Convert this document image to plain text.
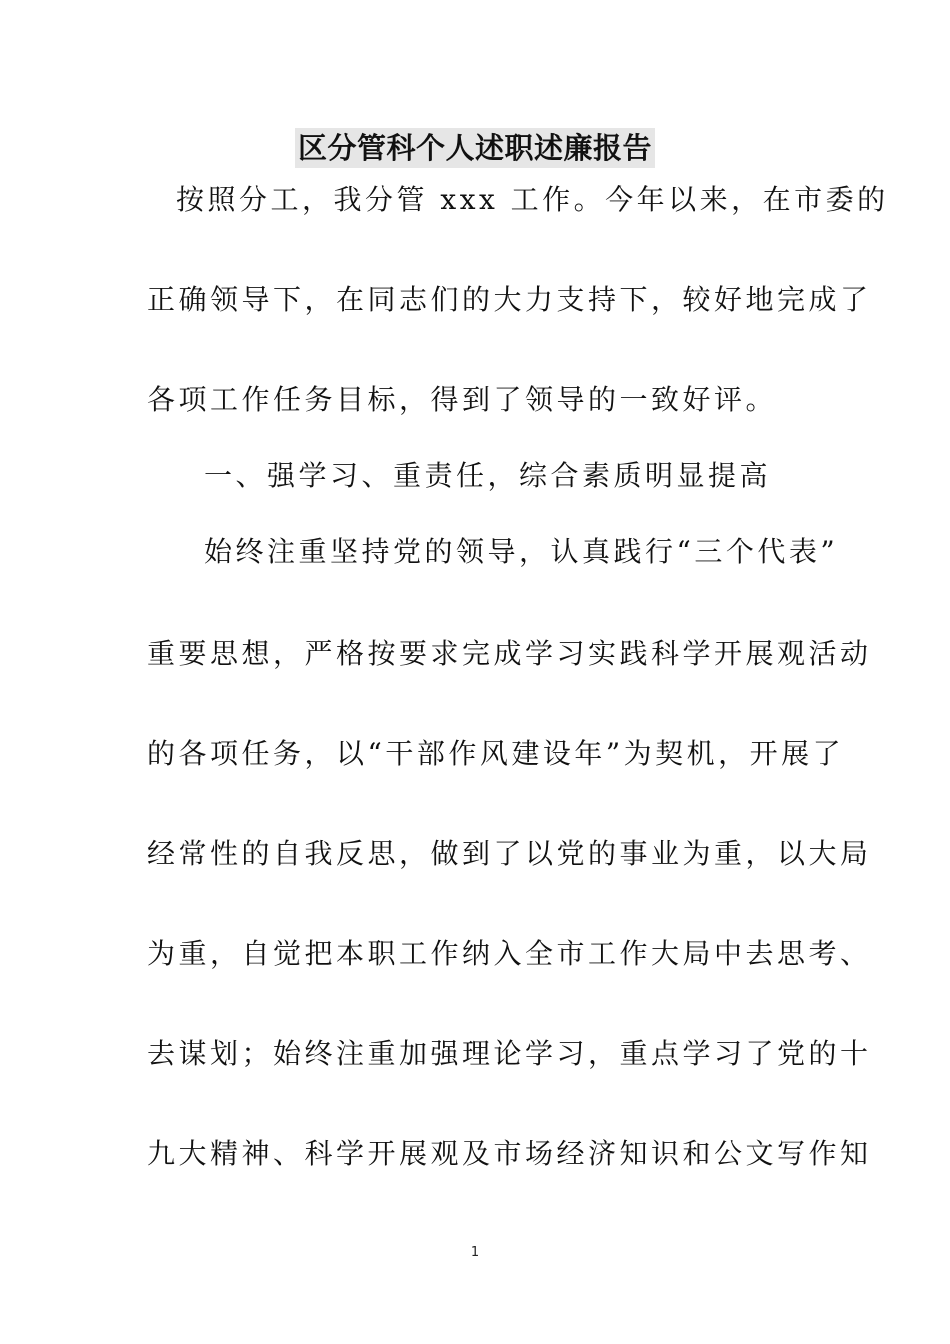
区分管科个人述职述廉报告
按照分工，我分管 xxx 工作。今年以来，在市委的
正确领导下，在同志们的大力支持下，较好地完成了
各项工作任务目标，得到了领导的一致好评。
一、强学习、重责任，综合素质明显提高
始终注重坚持党的领导，认真践行“三个代表”
重要思想，严格按要求完成学习实践科学开展观活动
的各项任务，以“干部作风建设年”为契机，开展了
经常性的自我反思，做到了以党的事业为重，以大局
为重，自觉把本职工作纳入全市工作大局中去思考、
去谋划；始终注重加强理论学习，重点学习了党的十
九大精神、科学开展观及市场经济知识和公文写作知
1
